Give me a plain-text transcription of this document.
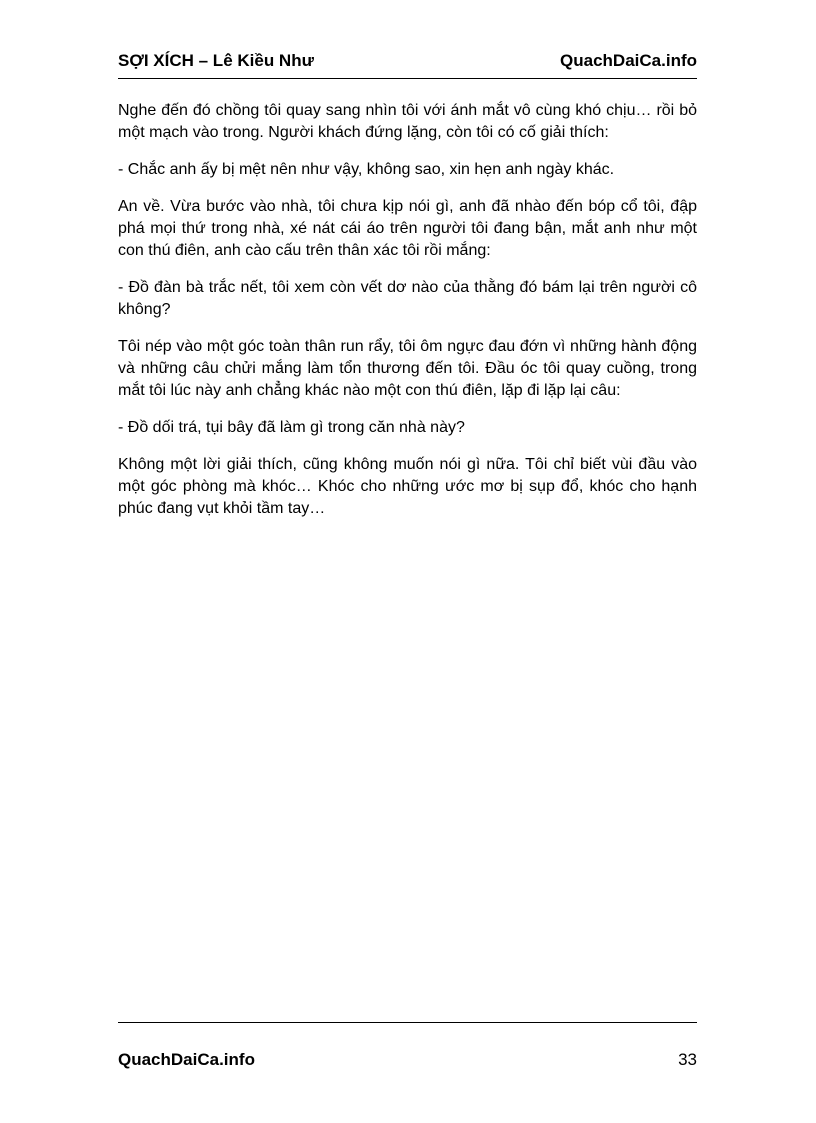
SỢI XÍCH – Lê Kiều Như	QuachDaiCa.info

Nghe đến đó chồng tôi quay sang nhìn tôi với ánh mắt vô cùng khó chịu… rồi bỏ một mạch vào trong. Người khách đứng lặng, còn tôi có cố giải thích:

- Chắc anh ấy bị mệt nên như vậy, không sao, xin hẹn anh ngày khác.

An về. Vừa bước vào nhà, tôi chưa kịp nói gì, anh đã nhào đến bóp cổ tôi, đập phá mọi thứ trong nhà, xé nát cái áo trên người tôi đang bận, mắt anh như một con thú điên, anh cào cấu trên thân xác tôi rồi mắng:

- Đồ đàn bà trắc nết, tôi xem còn vết dơ nào của thằng đó bám lại trên người cô không?

Tôi nép vào một góc toàn thân run rẩy, tôi ôm ngực đau đớn vì những hành động và những câu chửi mắng làm tổn thương đến tôi. Đầu óc tôi quay cuồng, trong mắt tôi lúc này anh chẳng khác nào một con thú điên, lặp đi lặp lại câu:

- Đồ dối trá, tụi bây đã làm gì trong căn nhà này?

Không một lời giải thích, cũng không muốn nói gì nữa. Tôi chỉ biết vùi đầu vào một góc phòng mà khóc… Khóc cho những ước mơ bị sụp đổ, khóc cho hạnh phúc đang vụt khỏi tầm tay…

QuachDaiCa.info	33
